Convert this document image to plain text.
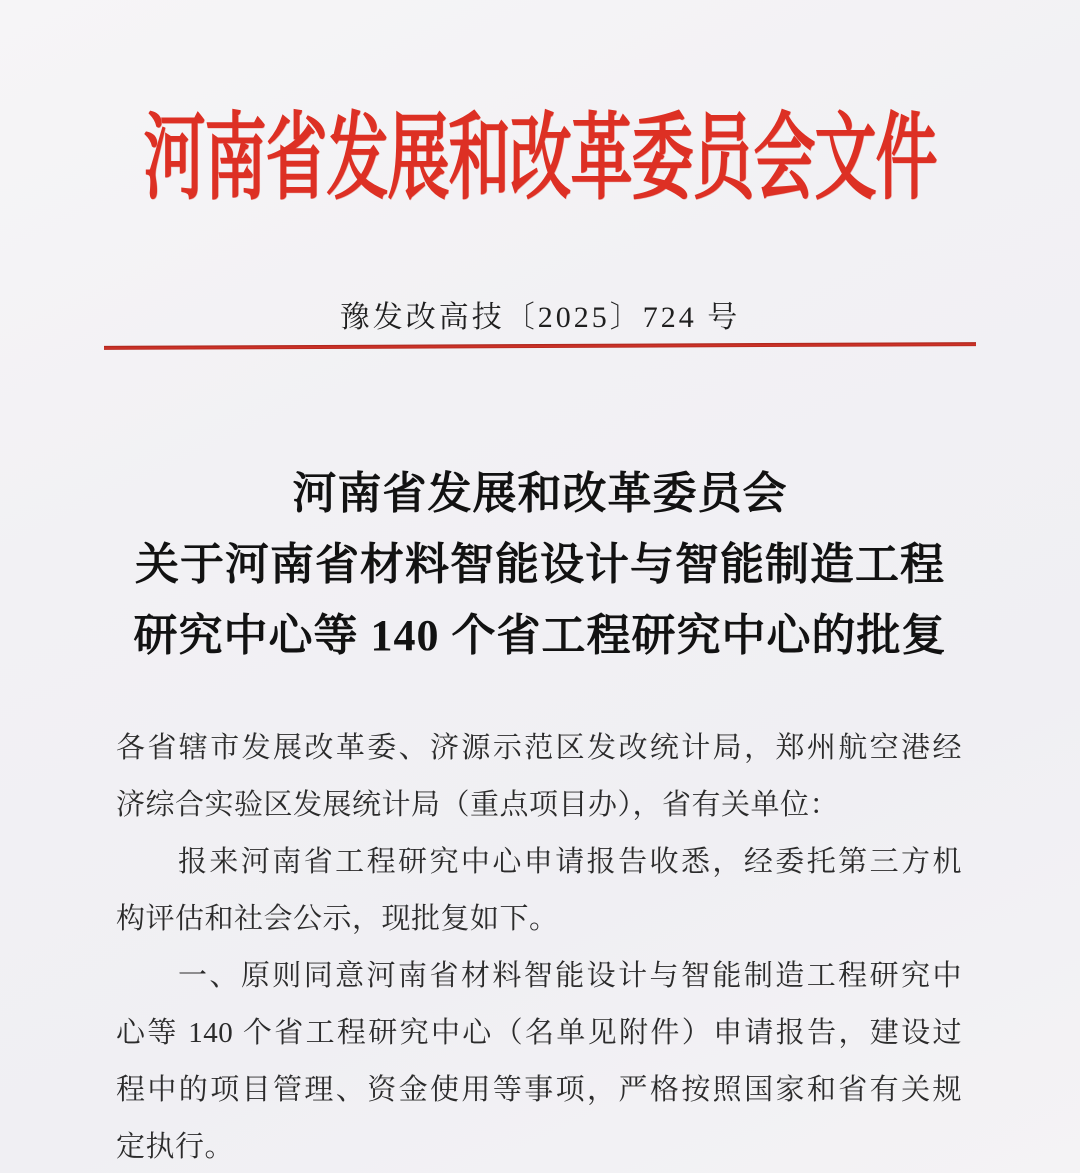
河南省发展和改革委员会文件
豫发改高技〔2025〕724 号
河南省发展和改革委员会
关于河南省材料智能设计与智能制造工程
研究中心等 140 个省工程研究中心的批复
各省辖市发展改革委、济源示范区发改统计局，郑州航空港经
济综合实验区发展统计局（重点项目办），省有关单位：
报来河南省工程研究中心申请报告收悉，经委托第三方机
构评估和社会公示，现批复如下。
一、原则同意河南省材料智能设计与智能制造工程研究中
心等 140 个省工程研究中心（名单见附件）申请报告，建设过
程中的项目管理、资金使用等事项，严格按照国家和省有关规
定执行。
